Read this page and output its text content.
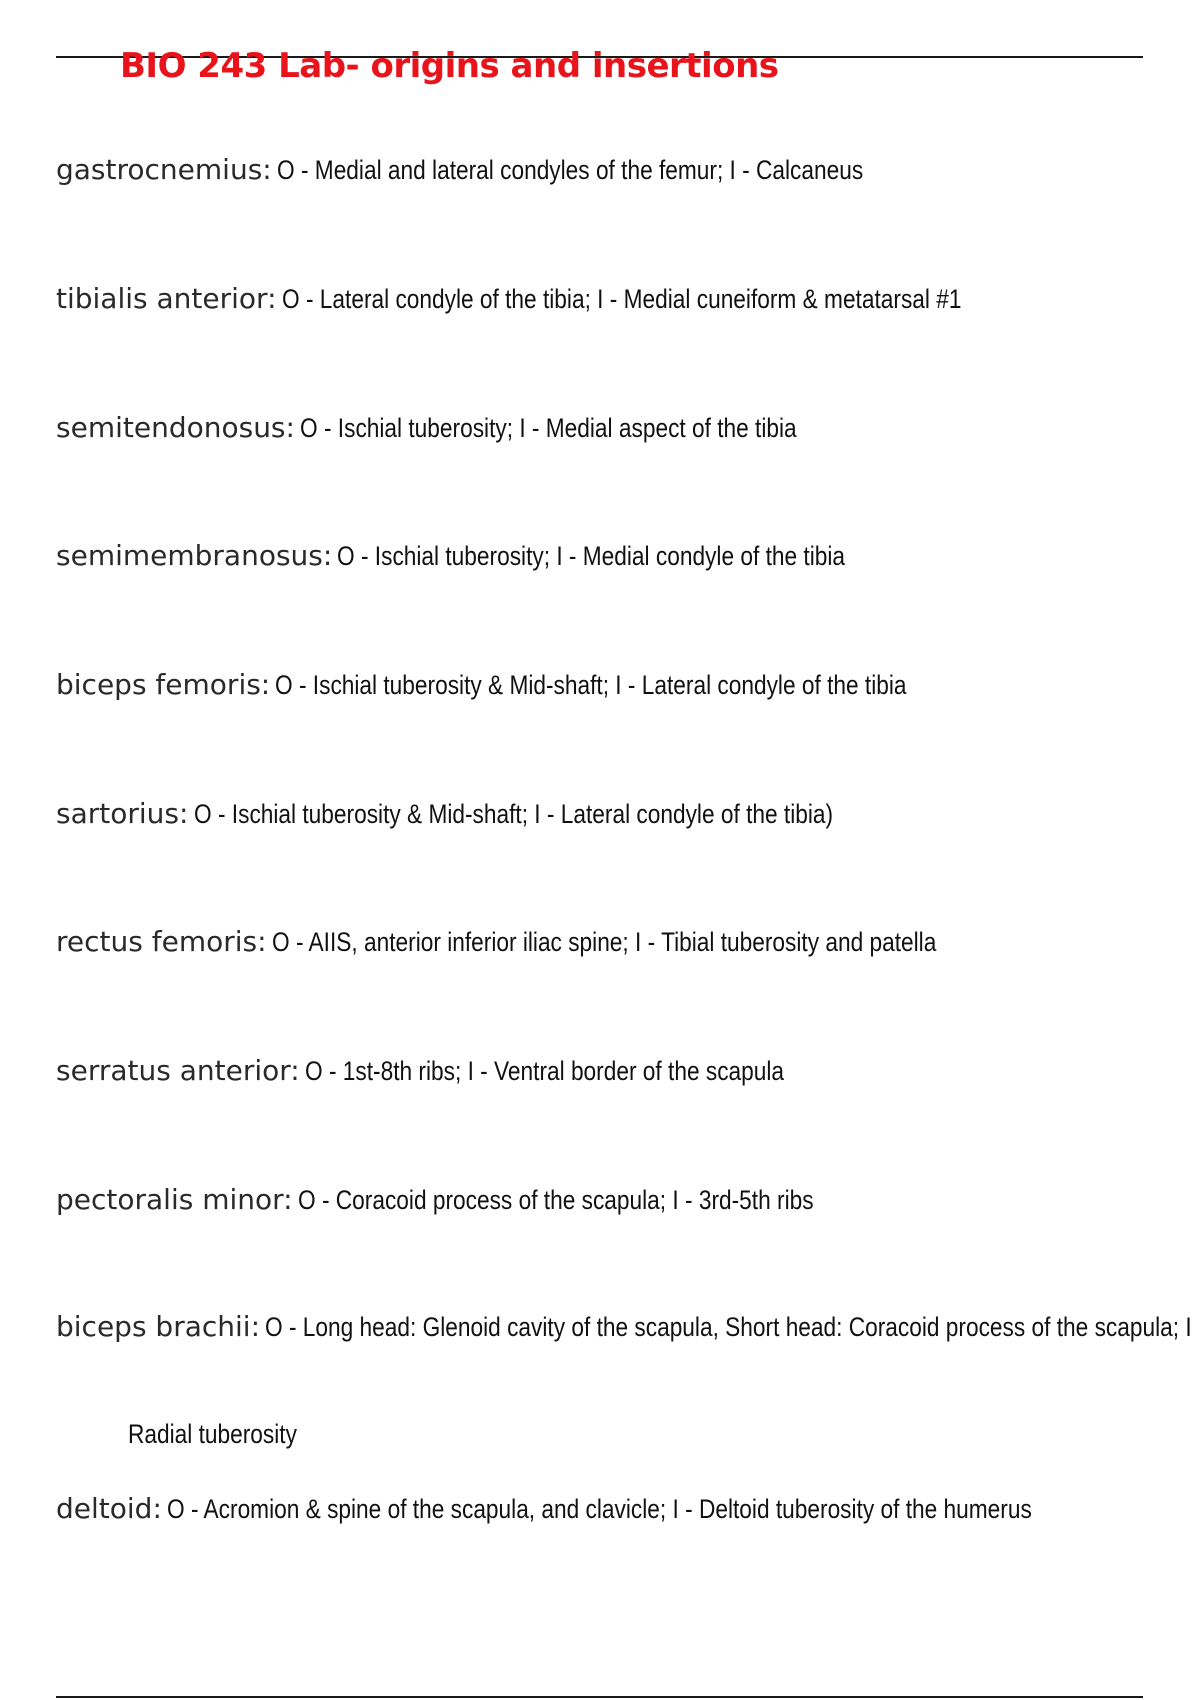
BIO 243 Lab- origins and insertions
gastrocnemius: O - Medial and lateral condyles of the femur; I - Calcaneus
tibialis anterior: O - Lateral condyle of the tibia; I - Medial cuneiform & metatarsal #1
semitendonosus: O - Ischial tuberosity; I - Medial aspect of the tibia
semimembranosus: O - Ischial tuberosity; I - Medial condyle of the tibia
biceps femoris: O - Ischial tuberosity & Mid-shaft; I - Lateral condyle of the tibia
sartorius: O - Ischial tuberosity & Mid-shaft; I - Lateral condyle of the tibia)
rectus femoris: O - AIIS, anterior inferior iliac spine; I - Tibial tuberosity and patella
serratus anterior: O - 1st-8th ribs; I - Ventral border of the scapula
pectoralis minor: O - Coracoid process of the scapula; I - 3rd-5th ribs
biceps brachii: O - Long head: Glenoid cavity of the scapula, Short head: Coracoid process of the scapula; I
Radial tuberosity
deltoid: O - Acromion & spine of the scapula, and clavicle; I - Deltoid tuberosity of the humerus
